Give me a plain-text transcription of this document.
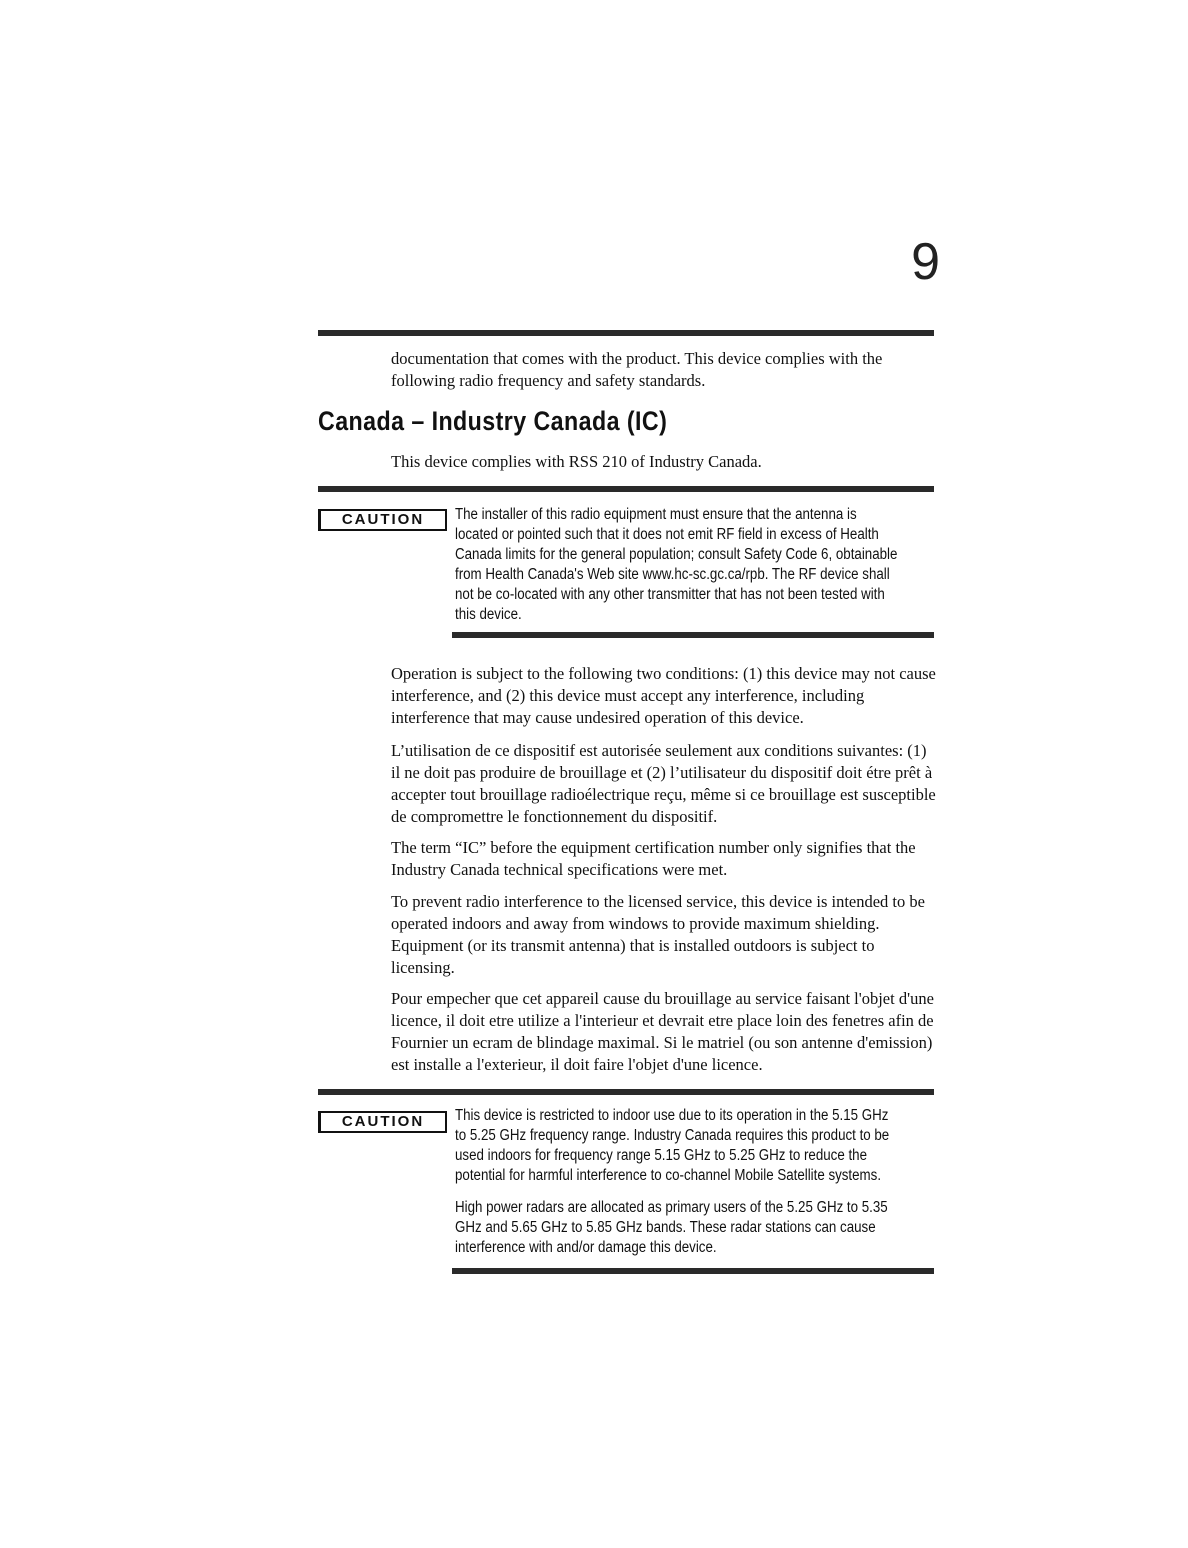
9

documentation that comes with the product. This device complies with the following radio frequency and safety standards.

Canada – Industry Canada (IC)

This device complies with RSS 210 of Industry Canada.

CAUTION	The installer of this radio equipment must ensure that the antenna is located or pointed such that it does not emit RF field in excess of Health Canada limits for the general population; consult Safety Code 6, obtainable from Health Canada's Web site www.hc-sc.gc.ca/rpb. The RF device shall not be co-located with any other transmitter that has not been tested with this device.

Operation is subject to the following two conditions: (1) this device may not cause interference, and (2) this device must accept any interference, including interference that may cause undesired operation of this device.

L’utilisation de ce dispositif est autorisée seulement aux conditions suivantes: (1) il ne doit pas produire de brouillage et (2) l’utilisateur du dispositif doit étre prêt à accepter tout brouillage radioélectrique reçu, même si ce brouillage est susceptible de compromettre le fonctionnement du dispositif.

The term “IC” before the equipment certification number only signifies that the Industry Canada technical specifications were met.

To prevent radio interference to the licensed service, this device is intended to be operated indoors and away from windows to provide maximum shielding. Equipment (or its transmit antenna) that is installed outdoors is subject to licensing.

Pour empecher que cet appareil cause du brouillage au service faisant l'objet d'une licence, il doit etre utilize a l'interieur et devrait etre place loin des fenetres afin de Fournier un ecram de blindage maximal. Si le matriel (ou son antenne d'emission) est installe a l'exterieur, il doit faire l'objet d'une licence.

CAUTION	This device is restricted to indoor use due to its operation in the 5.15 GHz to 5.25 GHz frequency range. Industry Canada requires this product to be used indoors for frequency range 5.15 GHz to 5.25 GHz to reduce the potential for harmful interference to co-channel Mobile Satellite systems.

High power radars are allocated as primary users of the 5.25 GHz to 5.35 GHz and 5.65 GHz to 5.85 GHz bands. These radar stations can cause interference with and/or damage this device.
